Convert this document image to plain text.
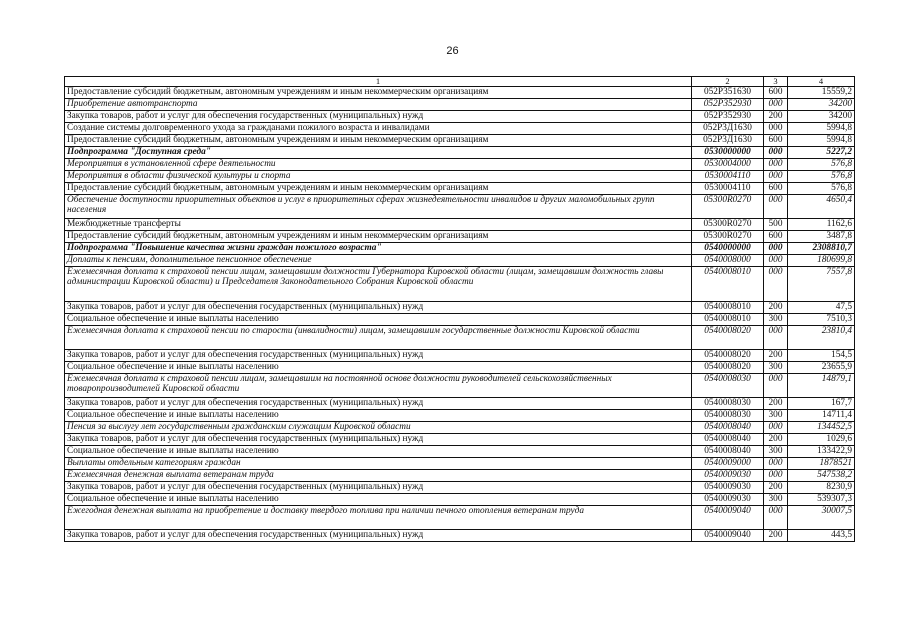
26
1	2	3	4
Предоставление субсидий бюджетным, автономным учреждениям и иным некоммерческим организациям	052P351630	600	15559,2
Приобретение автотранспорта	052P352930	000	34200
Закупка товаров, работ и услуг для обеспечения государственных (муниципальных) нужд	052P352930	200	34200
Создание системы долговременного ухода за гражданами пожилого возраста и инвалидами	052P3Д1630	000	5994,8
Предоставление субсидий бюджетным, автономным учреждениям и иным некоммерческим организациям	052P3Д1630	600	5994,8
Подпрограмма "Доступная среда"	0530000000	000	5227,2
Мероприятия в установленной сфере деятельности	0530004000	000	576,8
Мероприятия в области физической культуры и спорта	0530004110	000	576,8
Предоставление субсидий бюджетным, автономным учреждениям и иным некоммерческим организациям	0530004110	600	576,8
Обеспечение доступности приоритетных объектов и услуг в приоритетных сферах жизнедеятельности инвалидов и других маломобильных групп населения	05300R0270	000	4650,4
Межбюджетные трансферты	05300R0270	500	1162,6
Предоставление субсидий бюджетным, автономным учреждениям и иным некоммерческим организациям	05300R0270	600	3487,8
Подпрограмма "Повышение качества жизни граждан пожилого возраста"	0540000000	000	2308810,7
Доплаты к пенсиям, дополнительное пенсионное обеспечение	0540008000	000	180699,8
Ежемесячная доплата к страховой пенсии лицам, замещавшим должности Губернатора Кировской области (лицам, замещавшим должность главы администрации Кировской области) и Председателя Законодательного Собрания Кировской области	0540008010	000	7557,8
Закупка товаров, работ и услуг для обеспечения государственных (муниципальных) нужд	0540008010	200	47,5
Социальное обеспечение и иные выплаты населению	0540008010	300	7510,3
Ежемесячная доплата к страховой пенсии по старости (инвалидности) лицам, замещавшим государственные должности Кировской области	0540008020	000	23810,4
Закупка товаров, работ и услуг для обеспечения государственных (муниципальных) нужд	0540008020	200	154,5
Социальное обеспечение и иные выплаты населению	0540008020	300	23655,9
Ежемесячная доплата к страховой пенсии лицам, замещавшим на постоянной основе должности руководителей сельскохозяйственных товаропроизводителей Кировской области	0540008030	000	14879,1
Закупка товаров, работ и услуг для обеспечения государственных (муниципальных) нужд	0540008030	200	167,7
Социальное обеспечение и иные выплаты населению	0540008030	300	14711,4
Пенсия за выслугу лет государственным гражданским служащим Кировской области	0540008040	000	134452,5
Закупка товаров, работ и услуг для обеспечения государственных (муниципальных) нужд	0540008040	200	1029,6
Социальное обеспечение и иные выплаты населению	0540008040	300	133422,9
Выплаты отдельным категориям граждан	0540009000	000	1878521
Ежемесячная денежная выплата ветеранам труда	0540009030	000	547538,2
Закупка товаров, работ и услуг для обеспечения государственных (муниципальных) нужд	0540009030	200	8230,9
Социальное обеспечение и иные выплаты населению	0540009030	300	539307,3
Ежегодная денежная выплата на приобретение и доставку твердого топлива при наличии печного отопления ветеранам труда	0540009040	000	30007,5
Закупка товаров, работ и услуг для обеспечения государственных (муниципальных) нужд	0540009040	200	443,5
